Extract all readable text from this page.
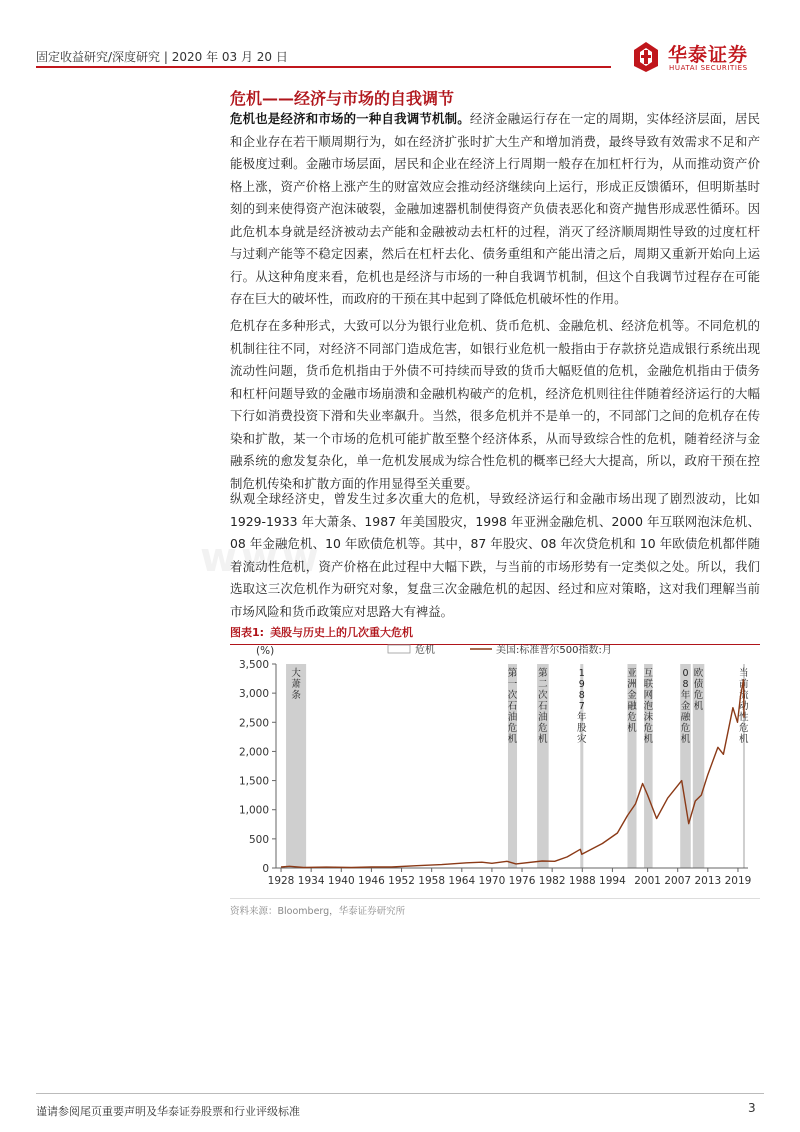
固定收益研究/深度研究 | 2020 年 03 月 20 日	华泰证券
HUATAI SECURITIES
危机——经济与市场的自我调节

危机也是经济和市场的一种自我调节机制。经济金融运行存在一定的周期，实体经济层面，居民和企业存在若干顺周期行为，如在经济扩张时扩大生产和增加消费，最终导致有效需求不足和产能极度过剩。金融市场层面，居民和企业在经济上行周期一般存在加杠杆行为，从而推动资产价格上涨，资产价格上涨产生的财富效应会推动经济继续向上运行，形成正反馈循环，但明斯基时刻的到来使得资产泡沫破裂，金融加速器机制使得资产负债表恶化和资产抛售形成恶性循环。因此危机本身就是经济被动去产能和金融被动去杠杆的过程，消灭了经济顺周期性导致的过度杠杆与过剩产能等不稳定因素，然后在杠杆去化、债务重组和产能出清之后，周期又重新开始向上运行。从这种角度来看，危机也是经济与市场的一种自我调节机制，但这个自我调节过程存在可能存在巨大的破坏性，而政府的干预在其中起到了降低危机破坏性的作用。

危机存在多种形式，大致可以分为银行业危机、货币危机、金融危机、经济危机等。不同危机的机制往往不同，对经济不同部门造成危害，如银行业危机一般指由于存款挤兑造成银行系统出现流动性问题，货币危机指由于外债不可持续而导致的货币大幅贬值的危机，金融危机指由于债务和杠杆问题导致的金融市场崩溃和金融机构破产的危机，经济危机则往往伴随着经济运行的大幅下行如消费投资下滑和失业率飙升。当然，很多危机并不是单一的，不同部门之间的危机存在传染和扩散，某一个市场的危机可能扩散至整个经济体系，从而导致综合性的危机，随着经济与金融系统的愈发复杂化，单一危机发展成为综合性危机的概率已经大大提高，所以，政府干预在控制危机传染和扩散方面的作用显得至关重要。

纵观全球经济史，曾发生过多次重大的危机，导致经济运行和金融市场出现了剧烈波动，比如 1929-1933 年大萧条、1987 年美国股灾，1998 年亚洲金融危机、2000 年互联网泡沫危机、08 年金融危机、10 年欧债危机等。其中，87 年股灾、08 年次贷危机和 10 年欧债危机都伴随着流动性危机，资产价格在此过程中大幅下跌，与当前的市场形势有一定类似之处。所以，我们选取这三次危机作为研究对象，复盘三次金融危机的起因、经过和应对策略，这对我们理解当前市场风险和货币政策应对思路大有裨益。

www.
图表1: 美股与历史上的几次重大危机
大萧条
第一次石油危机
第二次石油危机
1 9 8 7 年股灾
亚洲金融危机
互联网泡沫危机
0 8 年金融危机
欧债危机
当前流动性危机
0
500
1,000
1,500
2,000
2,500
3,000
3,500
(%)
1928 1934 1940 1946 1952 1958 1964 1970 1976 1982 1988 1994 2001 2007 2013 2019
危机	美国:标准普尔500指数:月
资料来源：Bloomberg，华泰证券研究所
谨请参阅尾页重要声明及华泰证券股票和行业评级标准	3
